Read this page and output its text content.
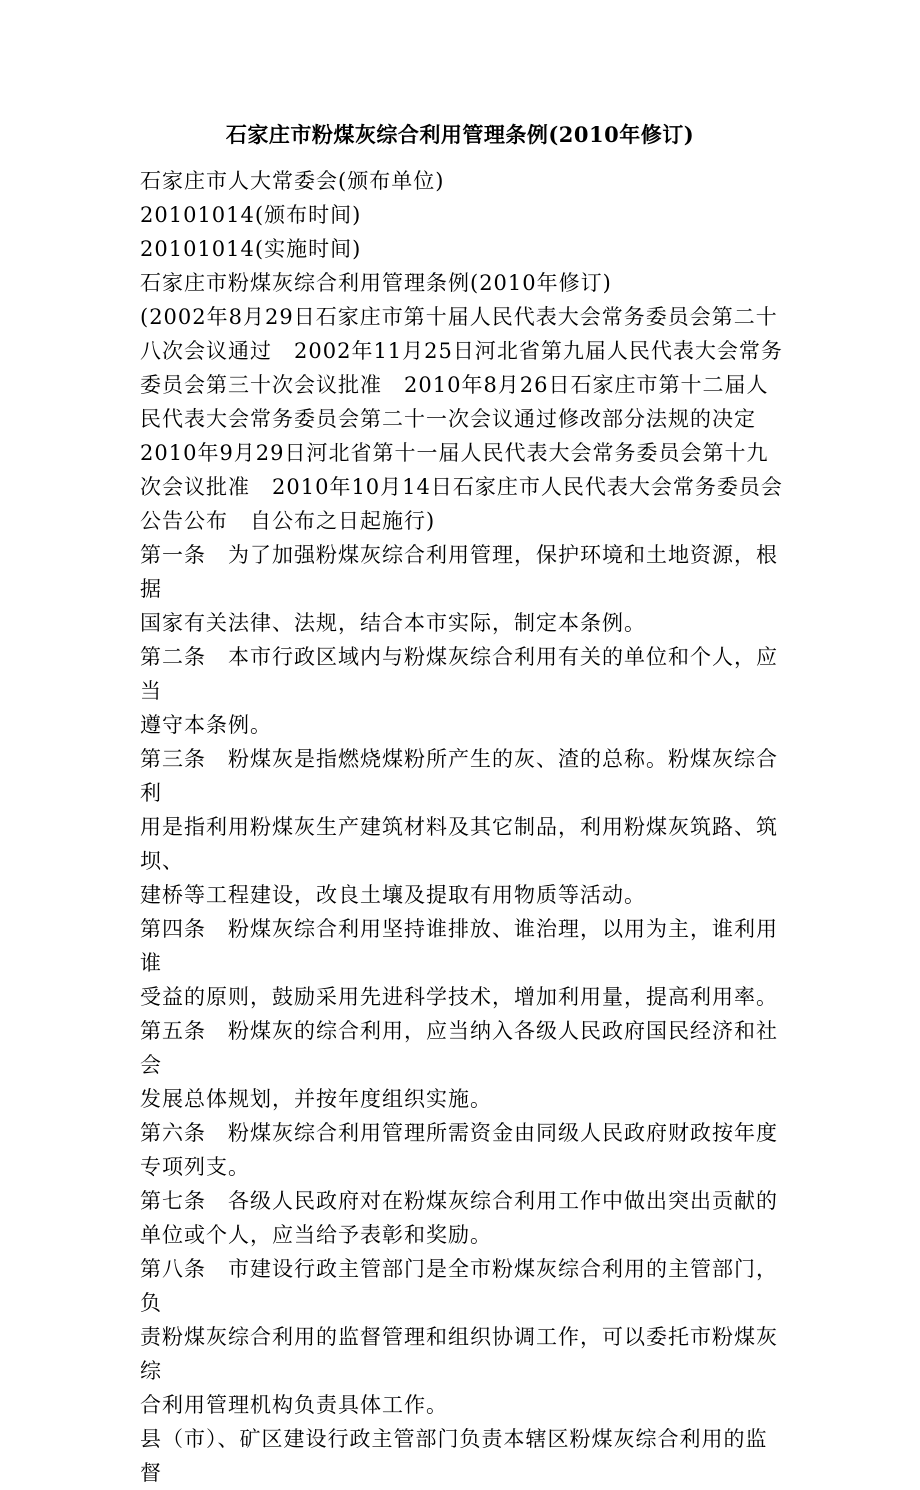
石家庄市粉煤灰综合利用管理条例(2010年修订)

石家庄市人大常委会(颁布单位)

20101014(颁布时间)

20101014(实施时间)

石家庄市粉煤灰综合利用管理条例(2010年修订)

(2002年8月29日石家庄市第十届人民代表大会常务委员会第二十

八次会议通过　2002年11月25日河北省第九届人民代表大会常务

委员会第三十次会议批准　2010年8月26日石家庄市第十二届人

民代表大会常务委员会第二十一次会议通过修改部分法规的决定

2010年9月29日河北省第十一届人民代表大会常务委员会第十九

次会议批准　2010年10月14日石家庄市人民代表大会常务委员会

公告公布　自公布之日起施行)

第一条　为了加强粉煤灰综合利用管理，保护环境和土地资源，根据

国家有关法律、法规，结合本市实际，制定本条例。

第二条　本市行政区域内与粉煤灰综合利用有关的单位和个人，应当

遵守本条例。

第三条　粉煤灰是指燃烧煤粉所产生的灰、渣的总称。粉煤灰综合利

用是指利用粉煤灰生产建筑材料及其它制品，利用粉煤灰筑路、筑坝、

建桥等工程建设，改良土壤及提取有用物质等活动。

第四条　粉煤灰综合利用坚持谁排放、谁治理，以用为主，谁利用谁

受益的原则，鼓励采用先进科学技术，增加利用量，提高利用率。

第五条　粉煤灰的综合利用，应当纳入各级人民政府国民经济和社会

发展总体规划，并按年度组织实施。

第六条　粉煤灰综合利用管理所需资金由同级人民政府财政按年度

专项列支。

第七条　各级人民政府对在粉煤灰综合利用工作中做出突出贡献的

单位或个人，应当给予表彰和奖励。

第八条　市建设行政主管部门是全市粉煤灰综合利用的主管部门，负

责粉煤灰综合利用的监督管理和组织协调工作，可以委托市粉煤灰综

合利用管理机构负责具体工作。

县（市）、矿区建设行政主管部门负责本辖区粉煤灰综合利用的监督
